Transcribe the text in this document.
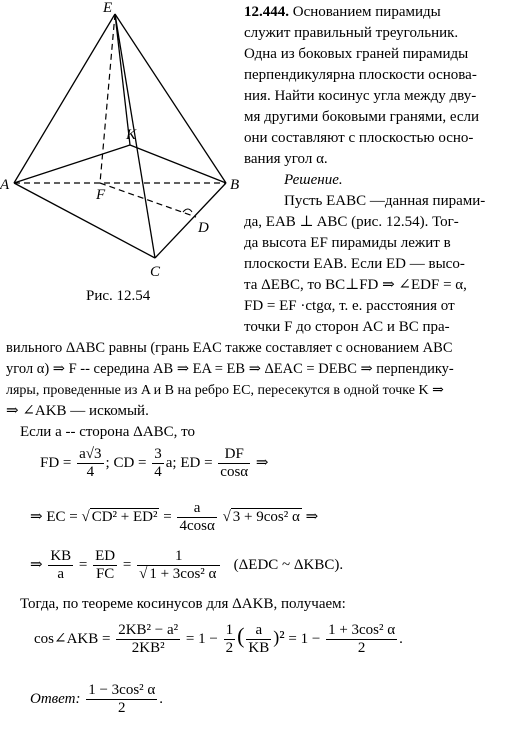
E
K
A
F
B
D
C
Рис. 12.54
12.444. Основанием пирамиды
служит правильный треугольник.
Одна из боковых граней пирамиды
перпендикулярна плоскости основа-
ния. Найти косинус угла между дву-
мя другими боковыми гранями, если
они составляют с плоскостью осно-
вания угол α.
Решение.
Пусть EABC —данная пирами-
да, EAB ⊥ ABC (рис. 12.54). Тог-
да высота EF пирамиды лежит в
плоскости EAB. Если ED — высо-
та ΔEBC, то BC⊥FD ⇒ ∠EDF = α,
FD = EF ·ctgα, т. е. расстояния от
точки F до сторон AC и BC пра-
вильного ΔABC равны (грань EAC также составляет с основанием ABC
угол α) ⇒ F -- середина AB ⇒ EA = EB ⇒ ΔEAC = DEBC ⇒ перпендику-
ляры, проведенные из A и B на ребро EC, пересекутся в одной точке K ⇒
⇒ ∠AKB — искомый.
Если a -- сторона ΔABC, то
FD = $\frac{a√3}{4}$ ; CD = $\frac{3}{4} a$; ED = $\frac{DF}{\cos\alpha}$ ⇒
⇒ EC = √ $CD^2 + ED^2 = \frac{a}{4\cos\alpha}$ √ 3 + 9cos² α ⇒
⇒ $\frac{KB}{a} = \frac{ED}{FC} = \frac{1}{\text{√ 1 + 3cos² α}} (\Delta EDC$ ~ ΔKBC).
Тогда, по теореме косинусов для ΔAKB, получаем:
cos∠AKB = $\frac{\text{2KB² − a²}}{\text{2KB²}} = 1 - \frac{1}{2}$ ( $\frac{a}{KB} )^2 = 1 - \frac{\text{1 + 3cos² α}}{2}$ .
Ответ: $\frac{\text{1 − 3cos² α}}{2}$ .
